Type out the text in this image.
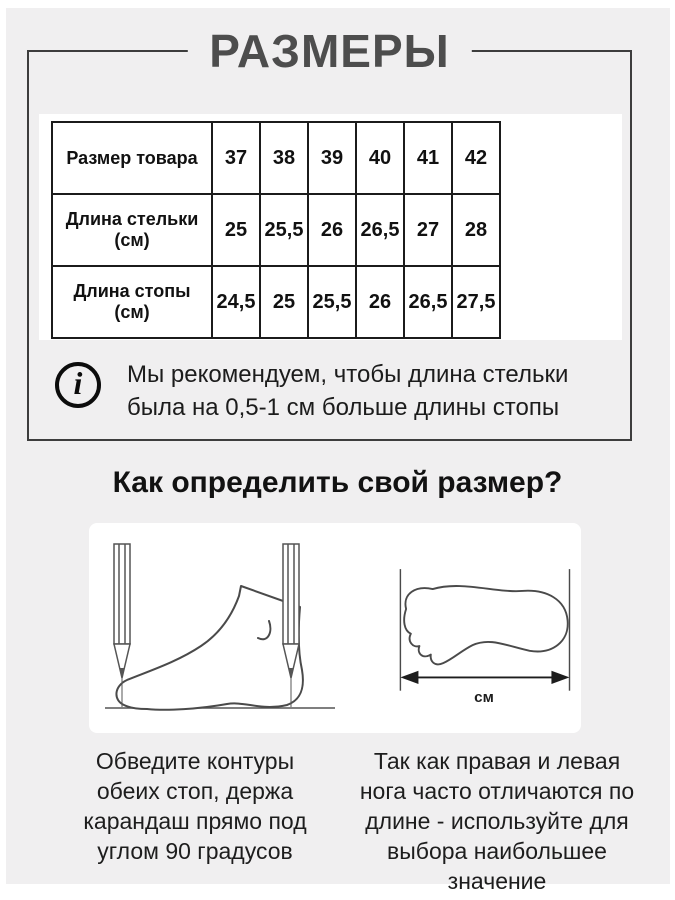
РАЗМЕРЫ
Размер товара	37	38	39	40	41	42
Длина стельки (см)	25	25,5	26	26,5	27	28
Длина стопы (см)	24,5	25	25,5	26	26,5	27,5
i	Мы рекомендуем, чтобы длина стельки
была на 0,5-1 см больше длины стопы
Как определить свой размер?
см
Обведите контуры
обеих стоп, держа
карандаш прямо под
углом 90 градусов
Так как правая и левая
нога часто отличаются по
длине - используйте для
выбора наибольшее
значение
